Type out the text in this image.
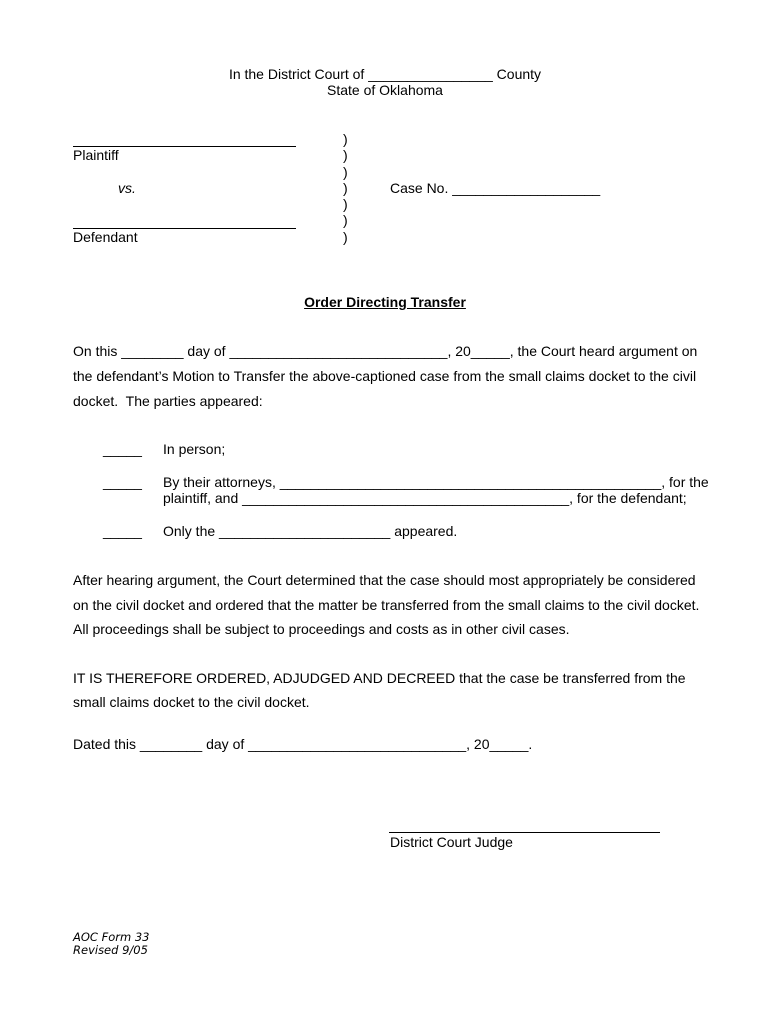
In the District Court of ________________ County
State of Oklahoma
Plaintiff
vs.
Defendant
)
)
)
)
)
)
)
Case No. ___________________
Order Directing Transfer
On this ________ day of ____________________________, 20_____, the Court heard argument on
the defendant’s Motion to Transfer the above-captioned case from the small claims docket to the civil
docket.  The parties appeared:
_____ In person;
_____ By their attorneys, _________________________________________________, for the
plaintiff, and __________________________________________, for the defendant;
_____ Only the ______________________ appeared.
After hearing argument, the Court determined that the case should most appropriately be considered
on the civil docket and ordered that the matter be transferred from the small claims to the civil docket.
All proceedings shall be subject to proceedings and costs as in other civil cases.
IT IS THEREFORE ORDERED, ADJUDGED AND DECREED that the case be transferred from the
small claims docket to the civil docket.
Dated this ________ day of ____________________________, 20_____.
District Court Judge
AOC Form 33
Revised 9/05
